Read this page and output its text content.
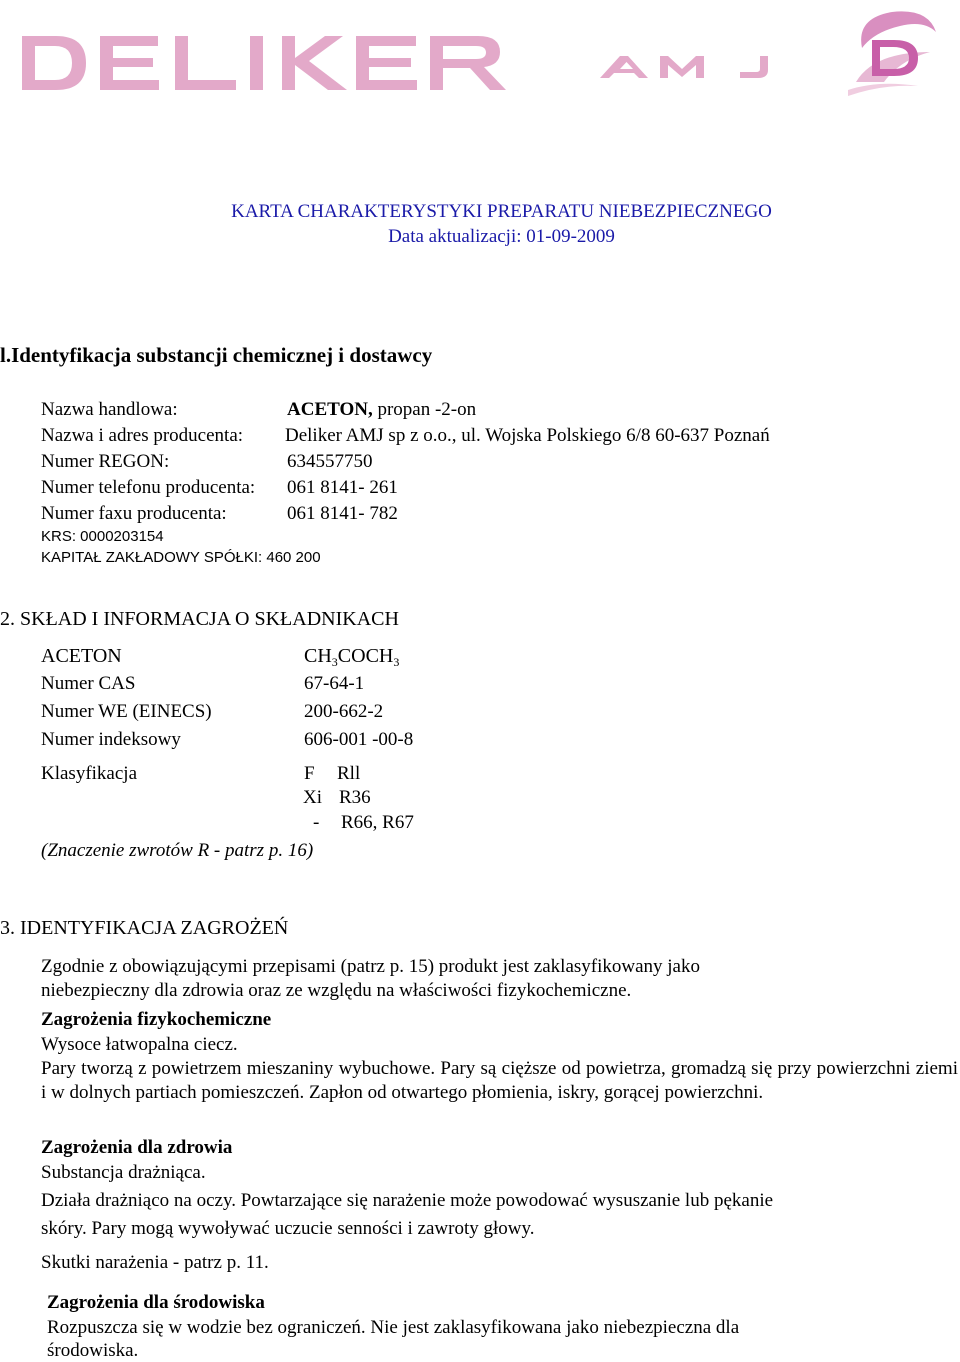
KARTA CHARAKTERYSTYKI PREPARATU NIEBEZPIECZNEGO
Data aktualizacji: 01-09-2009
l.Identyfikacja substancji chemicznej i dostawcy
Nazwa handlowa:	ACETON, propan -2-on
Nazwa i adres producenta: Deliker AMJ sp z o.o., ul. Wojska Polskiego 6/8 60-637 Poznań
Numer REGON:	634557750
Numer telefonu producenta: 061 8141- 261
Numer faxu producenta:	061 8141- 782
KRS: 0000203154
KAPITAŁ ZAKŁADOWY SPÓŁKI: 460 200
2. SKŁAD I INFORMACJA O SKŁADNIKACH
ACETON	$CH_3COCH_3$
Numer CAS	67-64-1
Numer WE (EINECS)	200-662-2
Numer indeksowy	606-001 -00-8
Klasyfikacja	F Rll
Xi R36
- R66, R67
(Znaczenie zwrotów R - patrz p. 16)
3. IDENTYFIKACJA ZAGROŻEŃ
Zgodnie z obowiązującymi przepisami (patrz p. 15) produkt jest zaklasyfikowany jako niebezpieczny dla zdrowia oraz ze względu na właściwości fizykochemiczne.
Zagrożenia fizykochemiczne
Wysoce łatwopalna ciecz.
Pary tworzą z powietrzem mieszaniny wybuchowe. Pary są cięższe od powietrza, gromadzą się przy powierzchni ziemi i w dolnych partiach pomieszczeń. Zapłon od otwartego płomienia, iskry, gorącej powierzchni.
Zagrożenia dla zdrowia
Substancja drażniąca.
Działa drażniąco na oczy. Powtarzające się narażenie może powodować wysuszanie lub pękanie
skóry. Pary mogą wywoływać uczucie senności i zawroty głowy.
Skutki narażenia - patrz p. 11.
Zagrożenia dla środowiska
Rozpuszcza się w wodzie bez ograniczeń. Nie jest zaklasyfikowana jako niebezpieczna dla
środowiska.
